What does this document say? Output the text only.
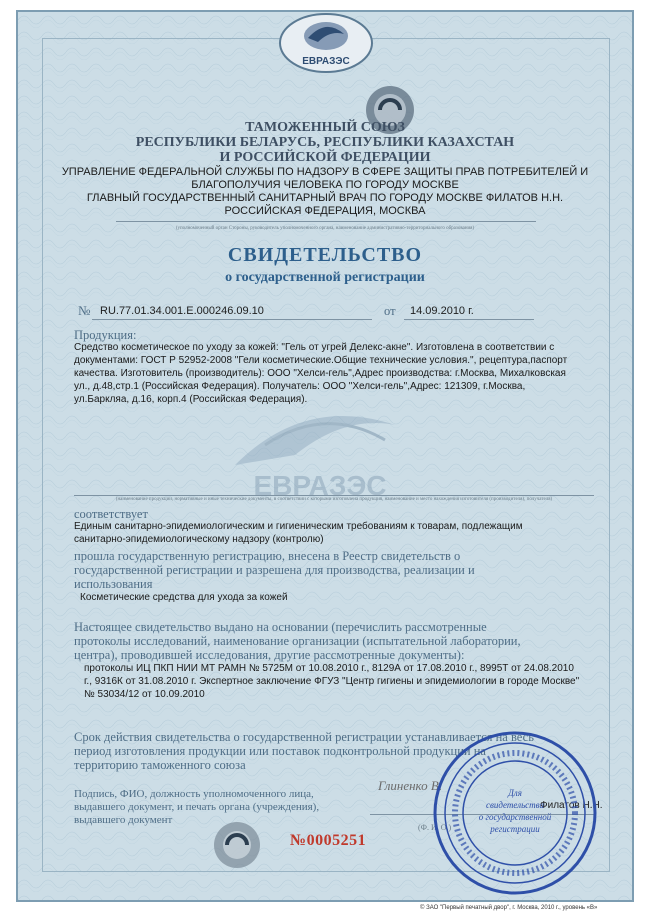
ЕВРАЗЭС

ТАМОЖЕННЫЙ СОЮЗ

РЕСПУБЛИКИ БЕЛАРУСЬ, РЕСПУБЛИКИ КАЗАХСТАН

И РОССИЙСКОЙ ФЕДЕРАЦИИ

УПРАВЛЕНИЕ ФЕДЕРАЛЬНОЙ СЛУЖБЫ ПО НАДЗОРУ В СФЕРЕ ЗАЩИТЫ ПРАВ ПОТРЕБИТЕЛЕЙ И

БЛАГОПОЛУЧИЯ ЧЕЛОВЕКА ПО ГОРОДУ МОСКВЕ

ГЛАВНЫЙ ГОСУДАРСТВЕННЫЙ САНИТАРНЫЙ ВРАЧ ПО ГОРОДУ МОСКВЕ ФИЛАТОВ Н.Н.

РОССИЙСКАЯ ФЕДЕРАЦИЯ, МОСКВА

(уполномоченный орган Стороны, руководитель уполномоченного органа, наименование административно-территориального образования)

СВИДЕТЕЛЬСТВО

о государственной регистрации

№ RU.77.01.34.001.Е.000246.09.10	от 14.09.2010 г.

Продукция:

Средство косметическое по уходу за кожей: "Гель от угрей Делекс-акне". Изготовлена в соответствии с

документами: ГОСТ Р 52952-2008 "Гели косметические.Общие технические условия.", рецептура,паспорт

качества. Изготовитель (производитель): ООО "Хелси-гель",Адрес производства: г.Москва, Михалковская

ул., д.48,стр.1 (Российская Федерация). Получатель: ООО "Хелси-гель",Адрес: 121309, г.Москва,

ул.Баркляа, д.16, корп.4 (Российская Федерация).

ЕВРАЗЭС

(наименование продукции, нормативные и иные технические документы, в соответствии с которыми изготовлена продукция, наименование и место нахождения изготовителя (производителя), получателя)

соответствует

Единым санитарно-эпидемиологическим и гигиеническим требованиям к товарам, подлежащим

санитарно-эпидемиологическому надзору (контролю)

прошла государственную регистрацию, внесена в Реестр свидетельств о

государственной регистрации и разрешена для производства, реализации и

использования

Косметические средства для ухода за кожей

Настоящее свидетельство выдано на основании (перечислить рассмотренные

протоколы исследований, наименование организации (испытательной лаборатории,

центра), проводившей исследования, другие рассмотренные документы):

протоколы ИЦ ПКП НИИ МТ РАМН № 5725М от 10.08.2010 г., 8129А от 17.08.2010 г., 8995Т от 24.08.2010

г., 9316К от 31.08.2010 г. Экспертное заключение ФГУЗ "Центр гигиены и эпидемиологии в городе Москве"

№ 53034/12 от 10.09.2010

Срок действия свидетельства о государственной регистрации устанавливается на весь

период изготовления продукции или поставок подконтрольной продукции на

территорию таможенного союза

Подпись, ФИО, должность уполномоченного лица,

выдавшего документ, и печать органа (учреждения),

выдавшего документ

Глиненко В.

Филатов Н.Н.

(Ф. И. О.)

№0005251

Для
свидетельства
о государственной
регистрации

© ЗАО "Первый печатный двор", г. Москва, 2010 г., уровень «В»
